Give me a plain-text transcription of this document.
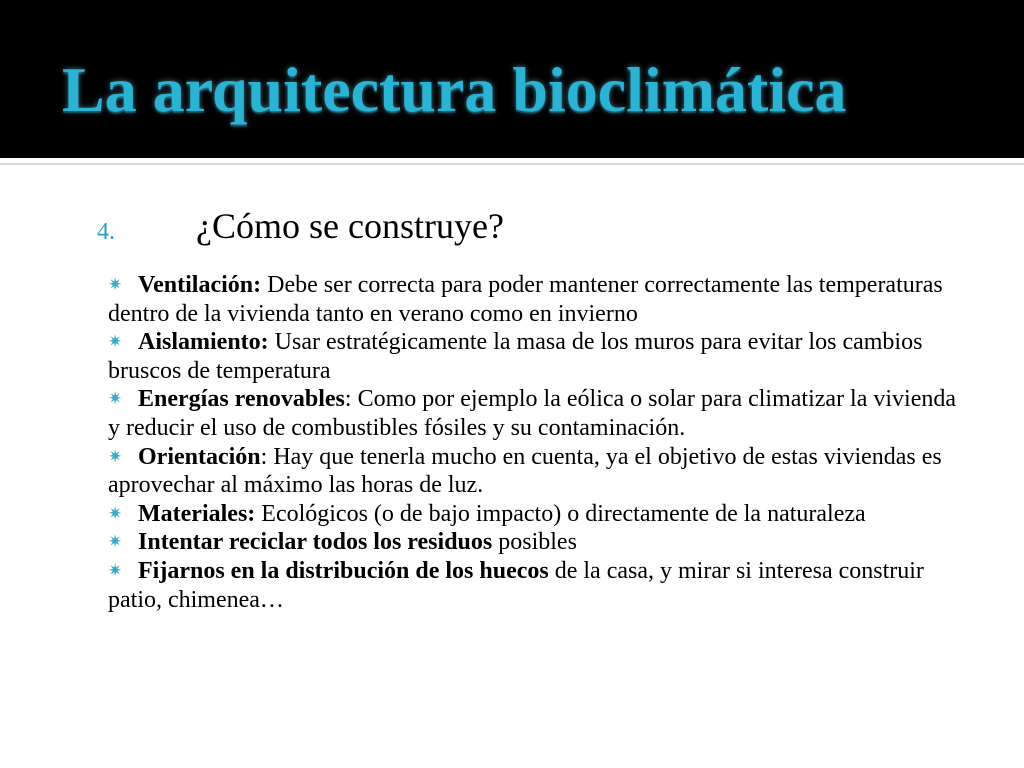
La arquitectura bioclimática
4. ¿Cómo se construye?

✷ Ventilación: Debe ser correcta para poder mantener correctamente las temperaturas dentro de la vivienda tanto en verano como en invierno

✷ Aislamiento: Usar estratégicamente la masa de los muros para evitar los cambios bruscos de temperatura

✷ Energías renovables: Como por ejemplo la eólica o solar para climatizar la vivienda y reducir el uso de combustibles fósiles y su contaminación.

✷ Orientación: Hay que tenerla mucho en cuenta, ya el objetivo de estas viviendas es aprovechar al máximo las horas de luz.

✷ Materiales: Ecológicos (o de bajo impacto) o directamente de la naturaleza

✷ Intentar reciclar todos los residuos posibles

✷ Fijarnos en la distribución de los huecos de la casa, y mirar si interesa construir patio, chimenea…
